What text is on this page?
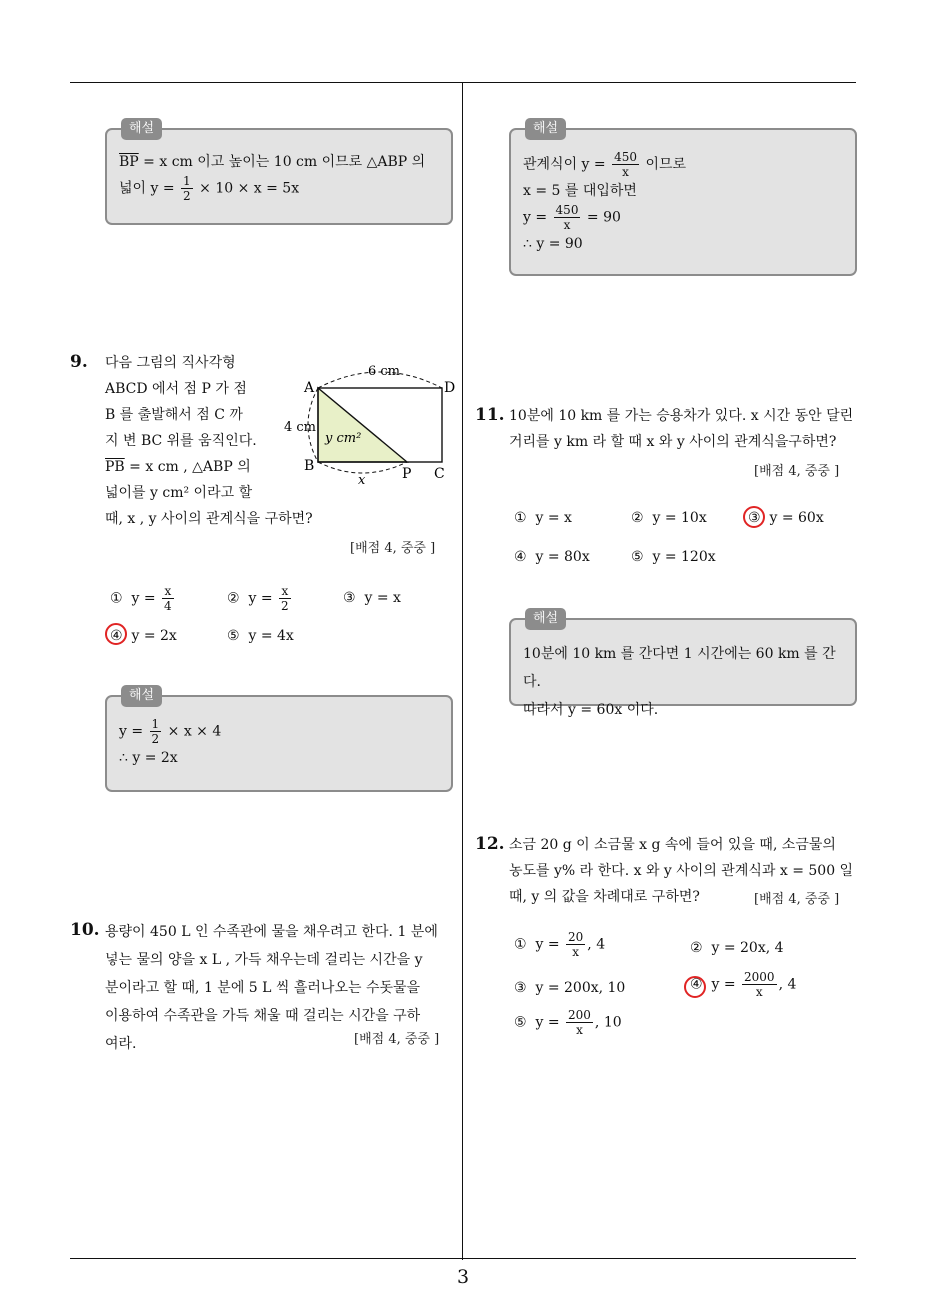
3
해설
$\overline{BP} = x$ cm 이고 높이는 10 cm 이므로 △ABP 의
넓이 $y = \frac{1}{2} \times 10 \times x = 5x$
해설
관계식이 $y = \frac{450}{x}$ 이므로
x = 5 를 대입하면
$y = \frac{450}{x} = 90$
∴ y = 90
9. 다음 그림의 직사각형
ABCD 에서 점 P 가 점
B 를 출발해서 점 C 까
지 변 BC 위를 움직인다.
$\overline{PB} = x$ cm , △ABP 의
넓이를 y cm² 이라고 할
때, x , y 사이의 관계식을 구하면?
6 cm
4 cm
x
A	D
B	P C
y cm²
[배점 4, 중중 ]
① $y = \frac{x}{4}$	② $y = \frac{x}{2}$	③ y = x
④ y = 2x	⑤ y = 4x
해설
$y = \frac{1}{2} \times x \times 4$
∴ y = 2x
10. 용량이 450 L 인 수족관에 물을 채우려고 한다. 1 분에
넣는 물의 양을 x L , 가득 채우는데 걸리는 시간을 y
분이라고 할 때, 1 분에 5 L 씩 흘러나오는 수돗물을
이용하여 수족관을 가득 채울 때 걸리는 시간을 구하
여라.	[배점 4, 중중 ]
11. 10분에 10 km 를 가는 승용차가 있다. x 시간 동안 달린
거리를 y km 라 할 때 x 와 y 사이의 관계식을구하면?
[배점 4, 중중 ]
① y = x	② y = 10x	③ y = 60x
④ y = 80x	⑤ y = 120x
해설
10분에 10 km 를 간다면 1 시간에는 60 km 를 간다.
따라서 y = 60x 이다.
12. 소금 20 g 이 소금물 x g 속에 들어 있을 때, 소금물의
농도를 y% 라 한다. x 와 y 사이의 관계식과 x = 500 일
때, y 의 값을 차례대로 구하면?	[배점 4, 중중 ]
① $y = \frac{20}{x}$ , 4	② y = 20x, 4
③ y = 200x, 10	④ $y = \frac{2000}{x}$ , 4
⑤ $y = \frac{200}{x}$ , 10
